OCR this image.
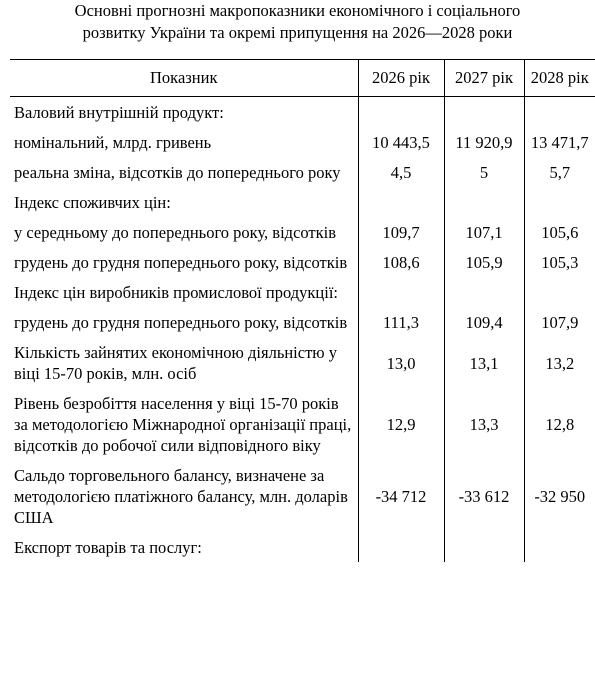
Основні прогнозні макропоказники економічного і соціального
розвитку України та окремі припущення на 2026—2028 роки
Показник	2026 рік	2027 рік	2028 рік
Валовий внутрішній продукт:			
номінальний, млрд. гривень	10 443,5	11 920,9	13 471,7
реальна зміна, відсотків до попереднього року	4,5	5	5,7
Індекс споживчих цін:			
у середньому до попереднього року, відсотків	109,7	107,1	105,6
грудень до грудня попереднього року, відсотків	108,6	105,9	105,3
Індекс цін виробників промислової продукції:			
грудень до грудня попереднього року, відсотків	111,3	109,4	107,9
Кількість зайнятих економічною діяльністю у віці 15-70 років, млн. осіб	13,0	13,1	13,2
Рівень безробіття населення у віці 15-70 років за методологією Міжнародної організації праці, відсотків до робочої сили відповідного віку	12,9	13,3	12,8
Сальдо торговельного балансу, визначене за методологією платіжного балансу, млн. доларів США	-34 712	-33 612	-32 950
Експорт товарів та послуг:			
